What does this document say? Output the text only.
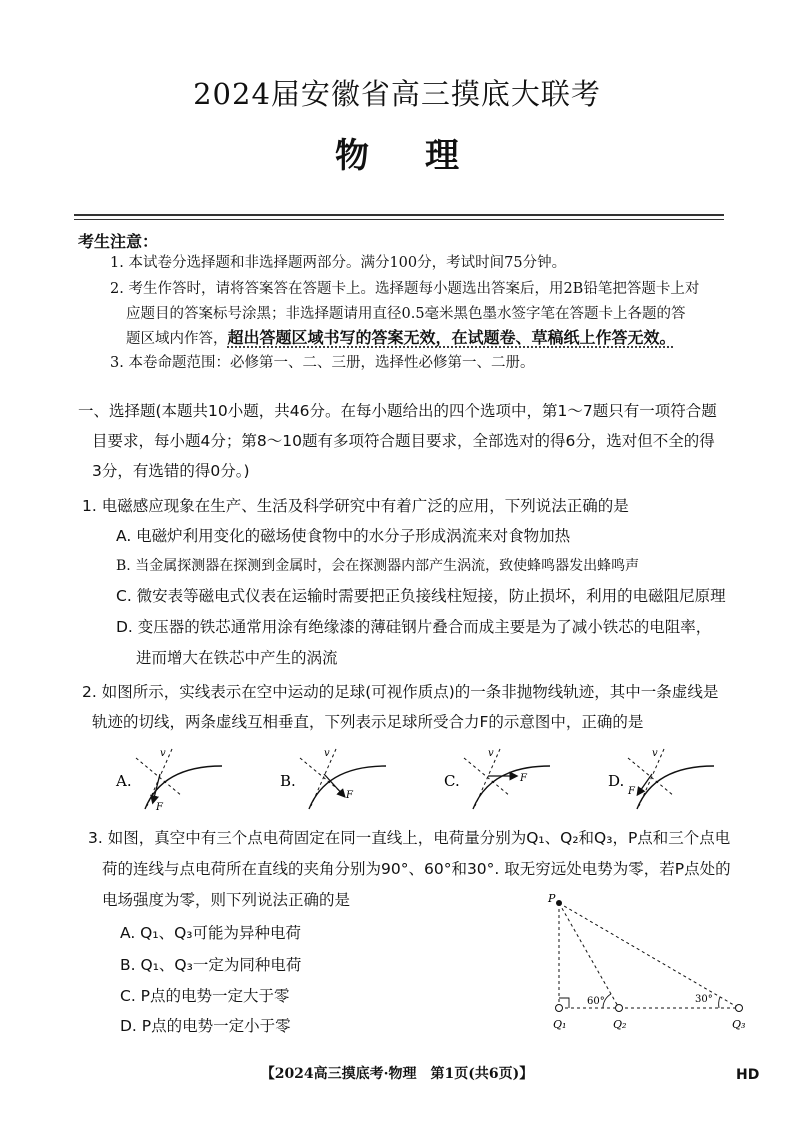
2024届安徽省高三摸底大联考
物 理
考生注意：
1. 本试卷分选择题和非选择题两部分。满分100分，考试时间75分钟。
2. 考生作答时，请将答案答在答题卡上。选择题每小题选出答案后，用2B铅笔把答题卡上对
应题目的答案标号涂黑；非选择题请用直径0.5毫米黑色墨水签字笔在答题卡上各题的答
题区域内作答，超出答题区域书写的答案无效，在试题卷、草稿纸上作答无效。
3. 本卷命题范围：必修第一、二、三册，选择性必修第一、二册。
一、选择题(本题共10小题，共46分。在每小题给出的四个选项中，第1～7题只有一项符合题
目要求，每小题4分；第8～10题有多项符合题目要求，全部选对的得6分，选对但不全的得
3分，有选错的得0分。)
1. 电磁感应现象在生产、生活及科学研究中有着广泛的应用，下列说法正确的是
A. 电磁炉利用变化的磁场使食物中的水分子形成涡流来对食物加热
B. 当金属探测器在探测到金属时，会在探测器内部产生涡流，致使蜂鸣器发出蜂鸣声
C. 微安表等磁电式仪表在运输时需要把正负接线柱短接，防止损坏，利用的电磁阻尼原理
D. 变压器的铁芯通常用涂有绝缘漆的薄硅钢片叠合而成主要是为了减小铁芯的电阻率，
进而增大在铁芯中产生的涡流
2. 如图所示，实线表示在空中运动的足球(可视作质点)的一条非抛物线轨迹，其中一条虚线是
轨迹的切线，两条虚线互相垂直，下列表示足球所受合力F的示意图中，正确的是
A.
v
F
B.
v
F
C.
v
F	D.
v
F
3. 如图，真空中有三个点电荷固定在同一直线上，电荷量分别为Q₁、Q₂和Q₃，P点和三个点电
荷的连线与点电荷所在直线的夹角分别为90°、60°和30°. 取无穷远处电势为零，若P点处的
电场强度为零，则下列说法正确的是
A. Q₁、Q₃可能为异种电荷
B. Q₁、Q₃一定为同种电荷
C. P点的电势一定大于零
D. P点的电势一定小于零
P
Q₁	Q₂	Q₃
60°	30°
【2024高三摸底考·物理　第1页(共6页)】	HD
